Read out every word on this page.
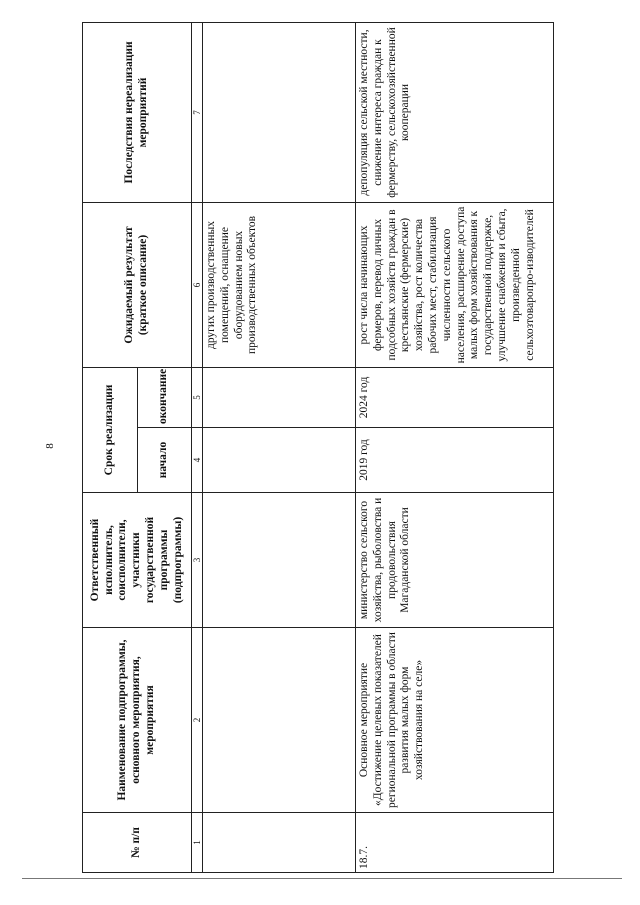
8
№ п/п	Наименование подпрограммы, основного мероприятия, мероприятия	Ответственный исполнитель, соисполнители, участники государственной программы (подпрограммы)	Срок реализации		Ожидаемый результат (краткое описание)	Последствия нереализации мероприятий
			начало	окончание		
1	2	3	4	5	6	7
					других производственных помещений, оснащение оборудованием новых производственных объектов	
18.7.	Основное мероприятие «Достижение целевых показателей региональной программы в области развития малых форм хозяйствования на селе»	министерство сельского хозяйства, рыболовства и продовольствия Магаданской области	2019 год	2024 год	рост числа начинающих фермеров, перевод личных подсобных хозяйств граждан в крестьянские (фермерские) хозяйства, рост количества рабочих мест, стабилизация численности сельского населения, расширение доступа малых форм хозяйствования к государственной поддержке, улучшение снабжения и сбыта, произведенной сельхозтоваропро-изводителей	депопуляция сельской местности, снижение интереса граждан к фермерству, сельскохозяйственной кооперации
